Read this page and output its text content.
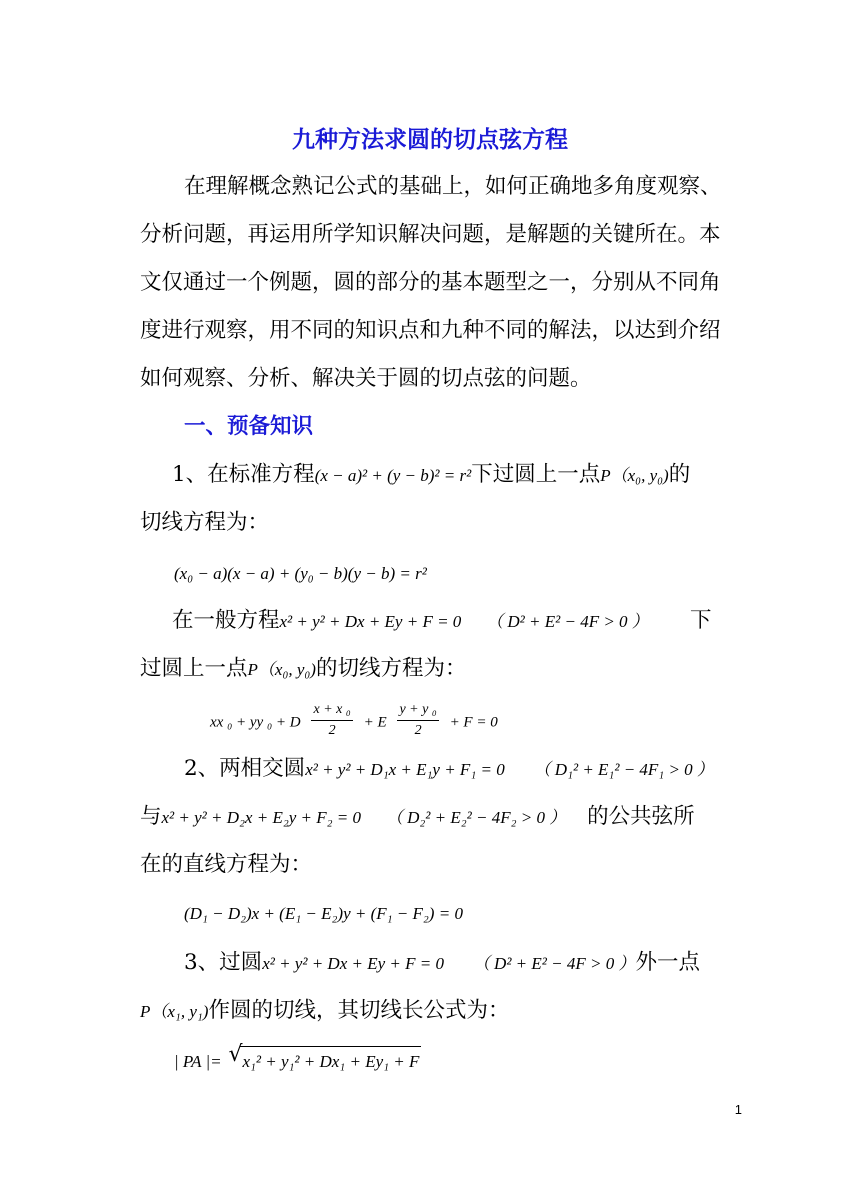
九种方法求圆的切点弦方程
在理解概念熟记公式的基础上，如何正确地多角度观察、
分析问题，再运用所学知识解决问题，是解题的关键所在。本
文仅通过一个例题，圆的部分的基本题型之一，分别从不同角
度进行观察，用不同的知识点和九种不同的解法，以达到介绍
如何观察、分析、解决关于圆的切点弦的问题。
一、预备知识
1、在标准方程(x − a)² + (y − b)² = r²下过圆上一点P（x₀, y₀)的
切线方程为：
(x₀ − a)(x − a) + (y₀ − b)(y − b) = r²
在一般方程x² + y² + Dx + Ey + F = 0 （ D² + E² − 4F > 0 ） 下
过圆上一点P（x₀, y₀)的切线方程为：
xx ₀ + yy ₀ + D $\frac{\text{x + x ₀}}{2} + E \frac{\text{y + y ₀}}{2} + F = 0$
2、两相交圆x² + y² + D₁x + E₁y + F₁ = 0 （ D₁² + E₁² − 4F₁ > 0 ）
与x² + y² + D₂x + E₂y + F₂ = 0 （ D₂² + E₂² − 4F₂ > 0 ） 的公共弦所
在的直线方程为：
(D₁ − D₂)x + (E₁ − E₂)y + (F₁ − F₂) = 0
3、过圆x² + y² + Dx + Ey + F = 0 （ D² + E² − 4F > 0 ）外一点
P（x₁, y₁)作圆的切线，其切线长公式为：
| PA |= √ x₁² + y₁² + Dx₁ + Ey₁ + F
1
